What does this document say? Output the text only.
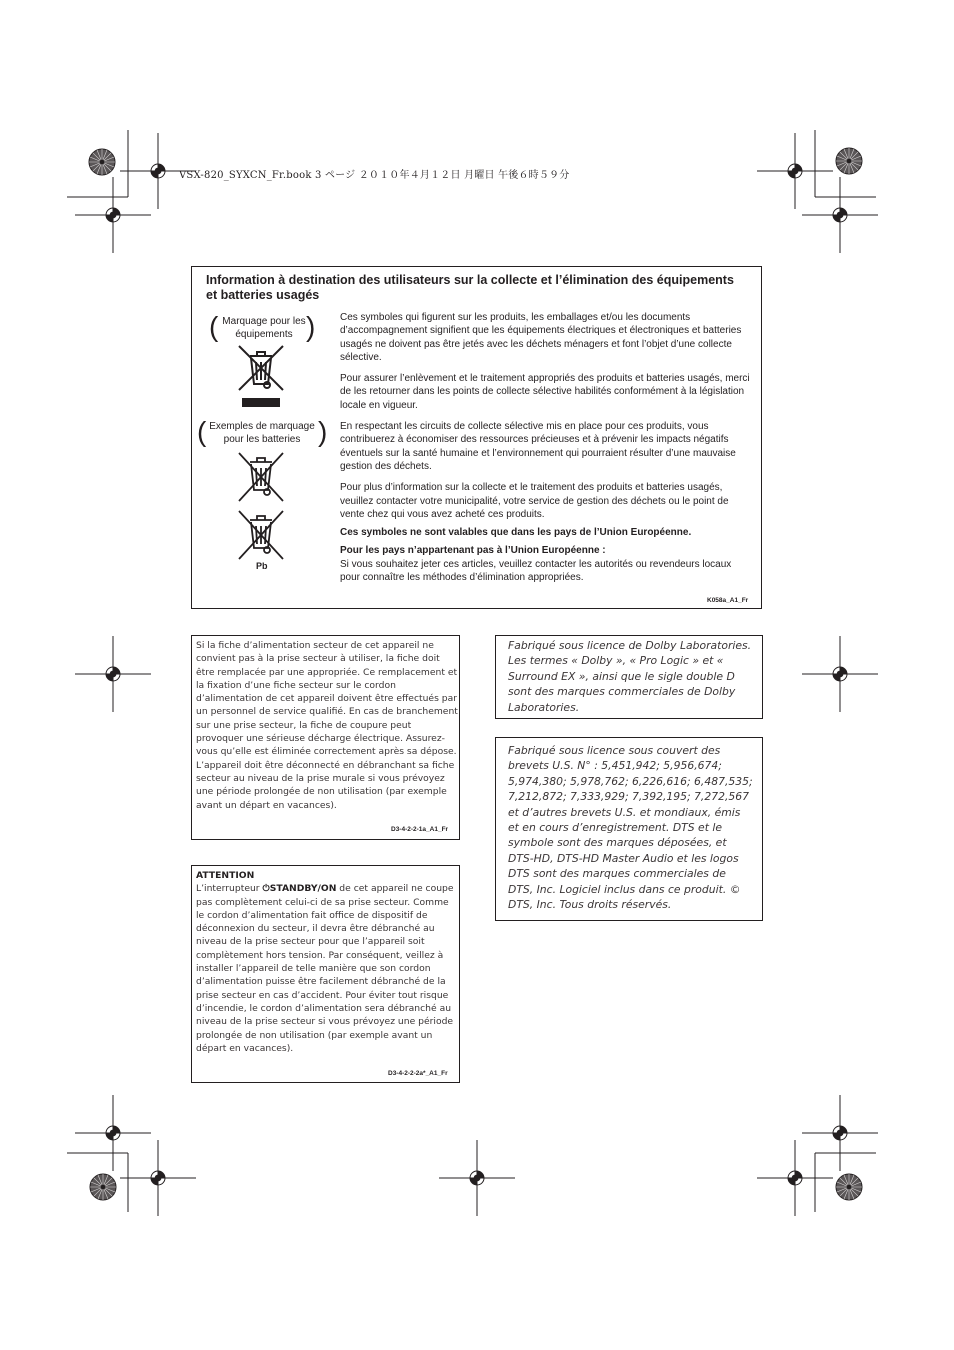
VSX-820_SYXCN_Fr.book 3 ページ ２０１０年４月１２日 月曜日 午後６時５９分
Information à destination des utilisateurs sur la collecte et l’élimination des équipements et batteries usagés
( Marquage pour les équipements )
( Exemples de marquage pour les batteries )
Pb

Ces symboles qui figurent sur les produits, les emballages et/ou les documents d’accompagnement signifient que les équipements électriques et électroniques et batteries usagés ne doivent pas être jetés avec les déchets ménagers et font l’objet d’une collecte sélective.

Pour assurer l’enlèvement et le traitement appropriés des produits et batteries usagés, merci de les retourner dans les points de collecte sélective habilités conformément à la législation locale en vigueur.

En respectant les circuits de collecte sélective mis en place pour ces produits, vous contribuerez à économiser des ressources précieuses et à prévenir les impacts négatifs éventuels sur la santé humaine et l’environnement qui pourraient résulter d’une mauvaise gestion des déchets.

Pour plus d’information sur la collecte et le traitement des produits et batteries usagés, veuillez contacter votre municipalité, votre service de gestion des déchets ou le point de vente chez qui vous avez acheté ces produits.

Ces symboles ne sont valables que dans les pays de l’Union Européenne.

Pour les pays n’appartenant pas à l’Union Européenne :

Si vous souhaitez jeter ces articles, veuillez contacter les autorités ou revendeurs locaux pour connaître les méthodes d’élimination appropriées.

K058a_A1_Fr
Si la fiche d’alimentation secteur de cet appareil ne convient pas à la prise secteur à utiliser, la fiche doit être remplacée par une appropriée. Ce remplacement et la fixation d’une fiche secteur sur le cordon d’alimentation de cet appareil doivent être effectués par un personnel de service qualifié. En cas de branchement sur une prise secteur, la fiche de coupure peut provoquer une sérieuse décharge électrique. Assurez-vous qu’elle est éliminée correctement après sa dépose.
L’appareil doit être déconnecté en débranchant sa fiche secteur au niveau de la prise murale si vous prévoyez une période prolongée de non utilisation (par exemple avant un départ en vacances).
D3-4-2-2-1a_A1_Fr
ATTENTION
L’interrupteur ⏻STANDBY/ON de cet appareil ne coupe pas complètement celui-ci de sa prise secteur. Comme le cordon d’alimentation fait office de dispositif de déconnexion du secteur, il devra être débranché au niveau de la prise secteur pour que l’appareil soit complètement hors tension. Par conséquent, veillez à installer l’appareil de telle manière que son cordon d’alimentation puisse être facilement débranché de la prise secteur en cas d’accident. Pour éviter tout risque d’incendie, le cordon d’alimentation sera débranché au niveau de la prise secteur si vous prévoyez une période prolongée de non utilisation (par exemple avant un départ en vacances).
D3-4-2-2-2a*_A1_Fr
Fabriqué sous licence de Dolby Laboratories. Les termes « Dolby », « Pro Logic » et « Surround EX », ainsi que le sigle double D sont des marques commerciales de Dolby Laboratories.
Fabriqué sous licence sous couvert des brevets U.S. N° : 5,451,942; 5,956,674; 5,974,380; 5,978,762; 6,226,616; 6,487,535; 7,212,872; 7,333,929; 7,392,195; 7,272,567 et d’autres brevets U.S. et mondiaux, émis et en cours d’enregistrement. DTS et le symbole sont des marques déposées, et DTS-HD, DTS-HD Master Audio et les logos DTS sont des marques commerciales de DTS, Inc. Logiciel inclus dans ce produit. © DTS, Inc. Tous droits réservés.
